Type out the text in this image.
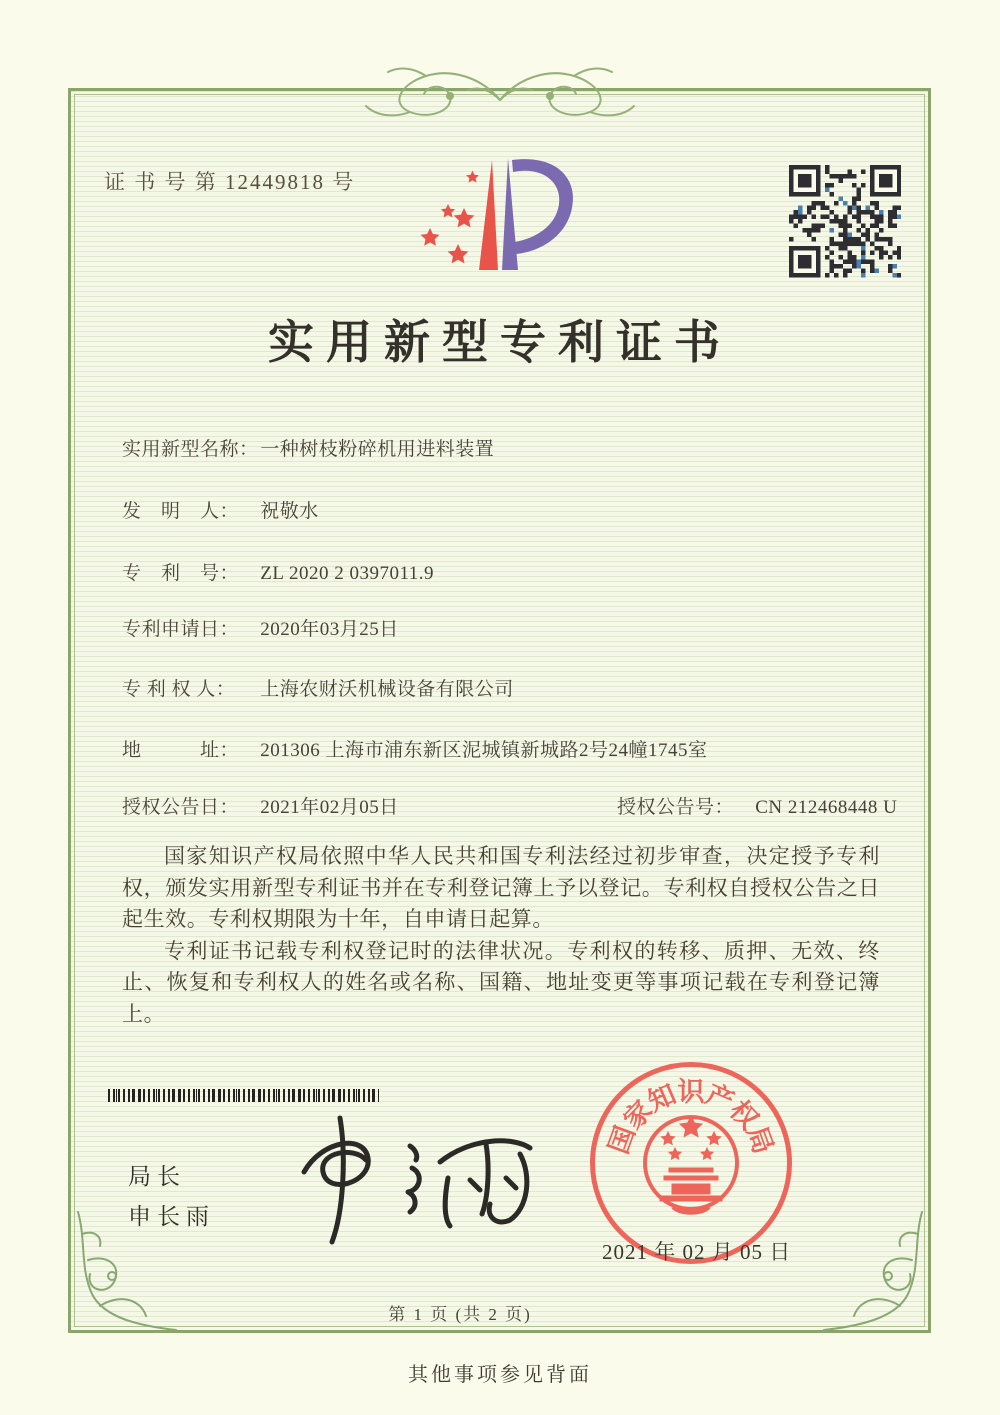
证 书 号 第 12449818 号
实用新型专利证书
实用新型名称： 一种树枝粉碎机用进料装置
发　明　人： 祝敬水
专　利　号： ZL 2020 2 0397011.9
专利申请日： 2020年03月25日
专 利 权 人： 上海农财沃机械设备有限公司
地　　　址： 201306 上海市浦东新区泥城镇新城路2号24幢1745室
授权公告日： 2021年02月05日	授权公告号： CN 212468448 U

国家知识产权局依照中华人民共和国专利法经过初步审查，决定授予专利权，颁发实用新型专利证书并在专利登记簿上予以登记。专利权自授权公告之日起生效。专利权期限为十年，自申请日起算。

专利证书记载专利权登记时的法律状况。专利权的转移、质押、无效、终止、恢复和专利权人的姓名或名称、国籍、地址变更等事项记载在专利登记簿上。

局长
申长雨
国
家
知
识
产
权
局
2021 年 02 月 05 日
第 1 页 (共 2 页)
其他事项参见背面
